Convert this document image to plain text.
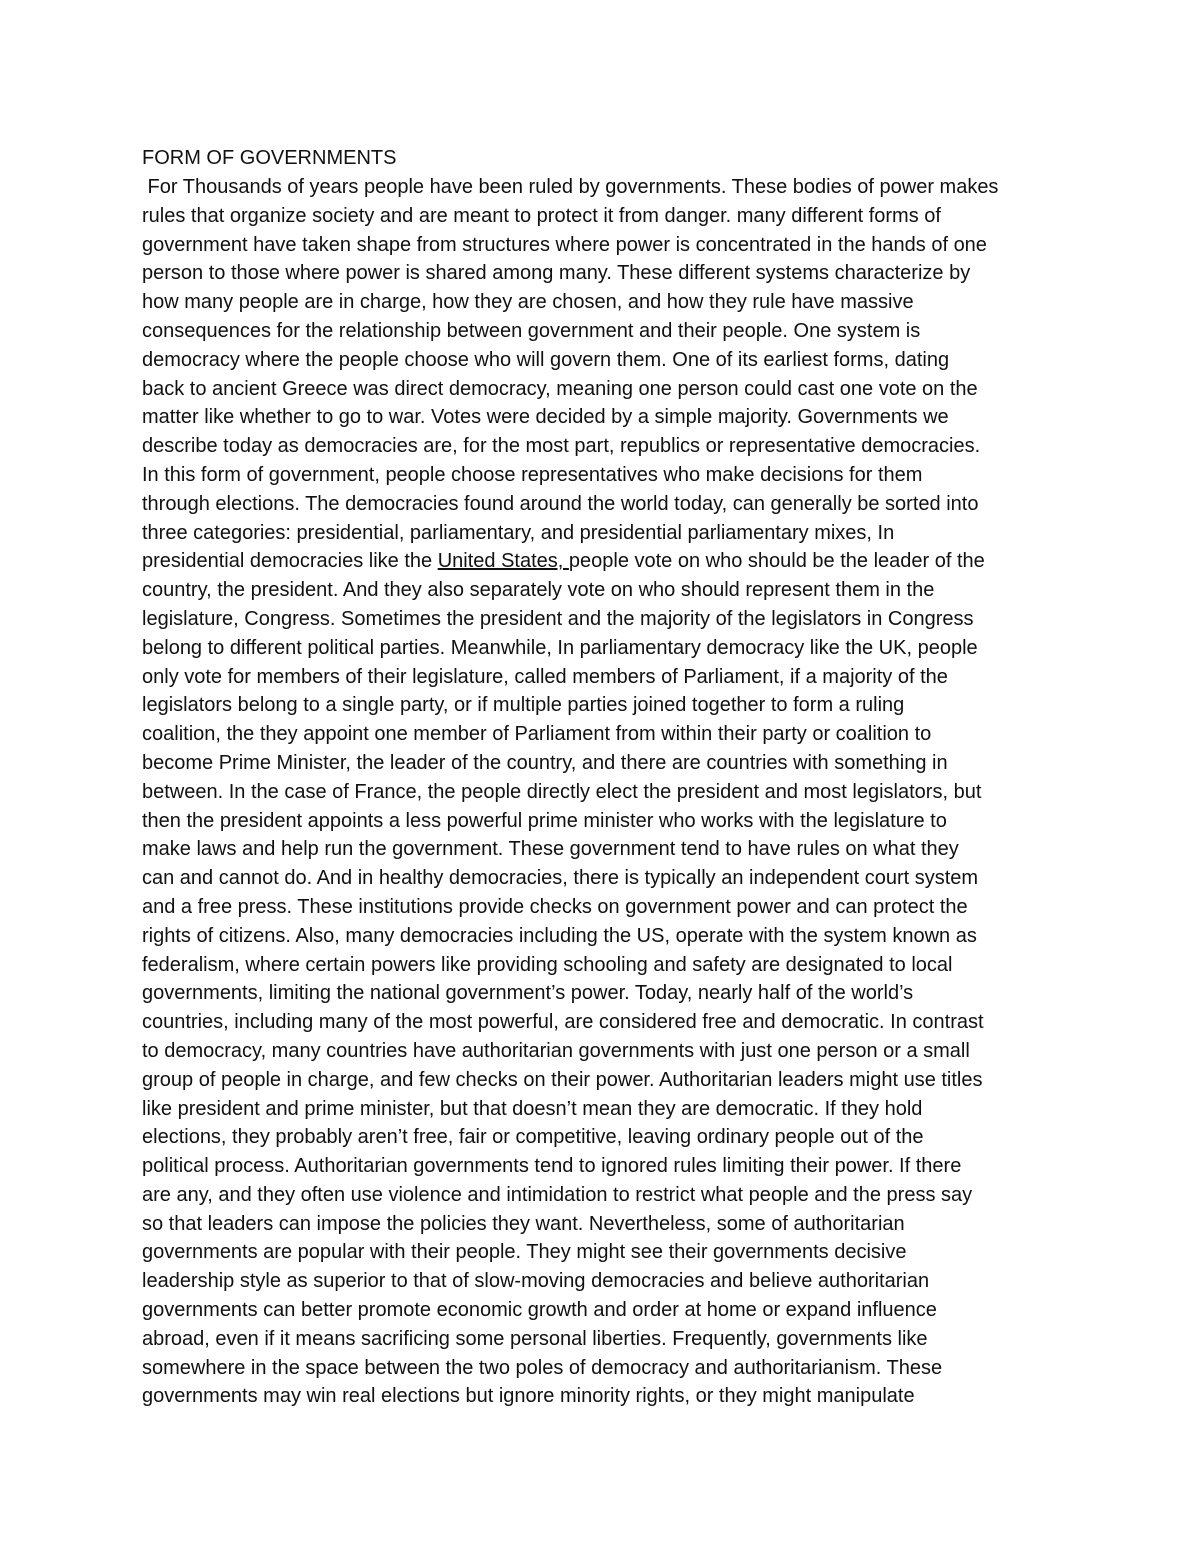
FORM OF GOVERNMENTS
For Thousands of years people have been ruled by governments. These bodies of power makes
rules that organize society and are meant to protect it from danger. many different forms of
government have taken shape from structures where power is concentrated in the hands of one
person to those where power is shared among many. These different systems characterize by
how many people are in charge, how they are chosen, and how they rule have massive
consequences for the relationship between government and their people. One system is
democracy where the people choose who will govern them. One of its earliest forms, dating
back to ancient Greece was direct democracy, meaning one person could cast one vote on the
matter like whether to go to war. Votes were decided by a simple majority. Governments we
describe today as democracies are, for the most part, republics or representative democracies.
In this form of government, people choose representatives who make decisions for them
through elections. The democracies found around the world today, can generally be sorted into
three categories: presidential, parliamentary, and presidential parliamentary mixes, In
presidential democracies like the United States, people vote on who should be the leader of the
country, the president. And they also separately vote on who should represent them in the
legislature, Congress. Sometimes the president and the majority of the legislators in Congress
belong to different political parties. Meanwhile, In parliamentary democracy like the UK, people
only vote for members of their legislature, called members of Parliament, if a majority of the
legislators belong to a single party, or if multiple parties joined together to form a ruling
coalition, the they appoint one member of Parliament from within their party or coalition to
become Prime Minister, the leader of the country, and there are countries with something in
between. In the case of France, the people directly elect the president and most legislators, but
then the president appoints a less powerful prime minister who works with the legislature to
make laws and help run the government. These government tend to have rules on what they
can and cannot do. And in healthy democracies, there is typically an independent court system
and a free press. These institutions provide checks on government power and can protect the
rights of citizens. Also, many democracies including the US, operate with the system known as
federalism, where certain powers like providing schooling and safety are designated to local
governments, limiting the national government’s power. Today, nearly half of the world’s
countries, including many of the most powerful, are considered free and democratic. In contrast
to democracy, many countries have authoritarian governments with just one person or a small
group of people in charge, and few checks on their power. Authoritarian leaders might use titles
like president and prime minister, but that doesn’t mean they are democratic. If they hold
elections, they probably aren’t free, fair or competitive, leaving ordinary people out of the
political process. Authoritarian governments tend to ignored rules limiting their power. If there
are any, and they often use violence and intimidation to restrict what people and the press say
so that leaders can impose the policies they want. Nevertheless, some of authoritarian
governments are popular with their people. They might see their governments decisive
leadership style as superior to that of slow-moving democracies and believe authoritarian
governments can better promote economic growth and order at home or expand influence
abroad, even if it means sacrificing some personal liberties. Frequently, governments like
somewhere in the space between the two poles of democracy and authoritarianism. These
governments may win real elections but ignore minority rights, or they might manipulate
